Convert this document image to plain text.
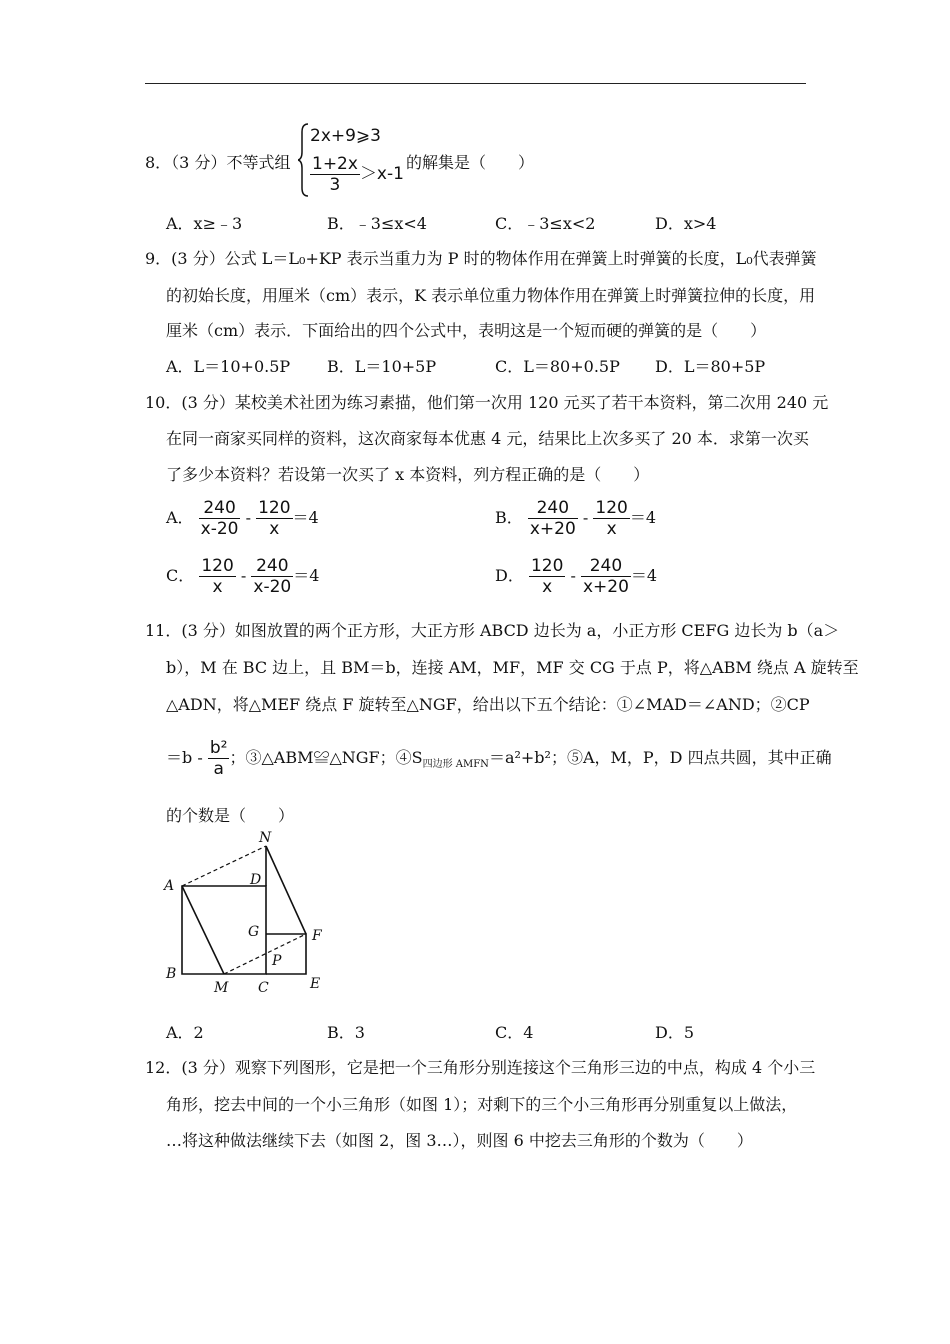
8．（3 分）不等式组
2x+9⩾3
$\frac{1+2x}{3} >x-1$
的解集是（　　）
A．x≥﹣3	B．﹣3≤x<4	C．﹣3≤x<2	D．x>4
9．(3 分）公式 L＝L₀+KP 表示当重力为 P 时的物体作用在弹簧上时弹簧的长度，L₀代表弹簧
的初始长度，用厘米（cm）表示，K 表示单位重力物体作用在弹簧上时弹簧拉伸的长度，用
厘米（cm）表示．下面给出的四个公式中，表明这是一个短而硬的弹簧的是（　　）
A．L＝10+0.5P B．L＝10+5P	C．L＝80+0.5P D．L＝80+5P
10．(3 分）某校美术社团为练习素描，他们第一次用 120 元买了若干本资料，第二次用 240 元
在同一商家买同样的资料，这次商家每本优惠 4 元，结果比上次多买了 20 本．求第一次买
了多少本资料？若设第一次买了 x 本资料，列方程正确的是（　　）
A． $\frac{240}{x-20} - \frac{120}{x} =4$	B． $\frac{240}{x+20} - \frac{120}{x} =4$
C． $\frac{120}{x} - \frac{240}{x-20} =4$	D． $\frac{120}{x} - \frac{240}{x+20} =4$
11．(3 分）如图放置的两个正方形，大正方形 ABCD 边长为 a，小正方形 CEFG 边长为 b（a＞
b），M 在 BC 边上，且 BM＝b，连接 AM，MF，MF 交 CG 于点 P，将△ABM 绕点 A 旋转至
△ADN，将△MEF 绕点 F 旋转至△NGF，给出以下五个结论：①∠MAD＝∠AND；②CP
$=b - \frac{\text{b²}}{a}$ ；③△ABM≌△NGF；$④S_{四边形 AMFN}=a^2+b^2$；⑤A，M，P，D 四点共圆，其中正确
的个数是（　　）
A
B
C
D
E
F
G
M
N
P
A．2	B．3	C．4	D．5
12．(3 分）观察下列图形，它是把一个三角形分别连接这个三角形三边的中点，构成 4 个小三
角形，挖去中间的一个小三角形（如图 1）；对剩下的三个小三角形再分别重复以上做法，
…将这种做法继续下去（如图 2，图 3…），则图 6 中挖去三角形的个数为（　　）
